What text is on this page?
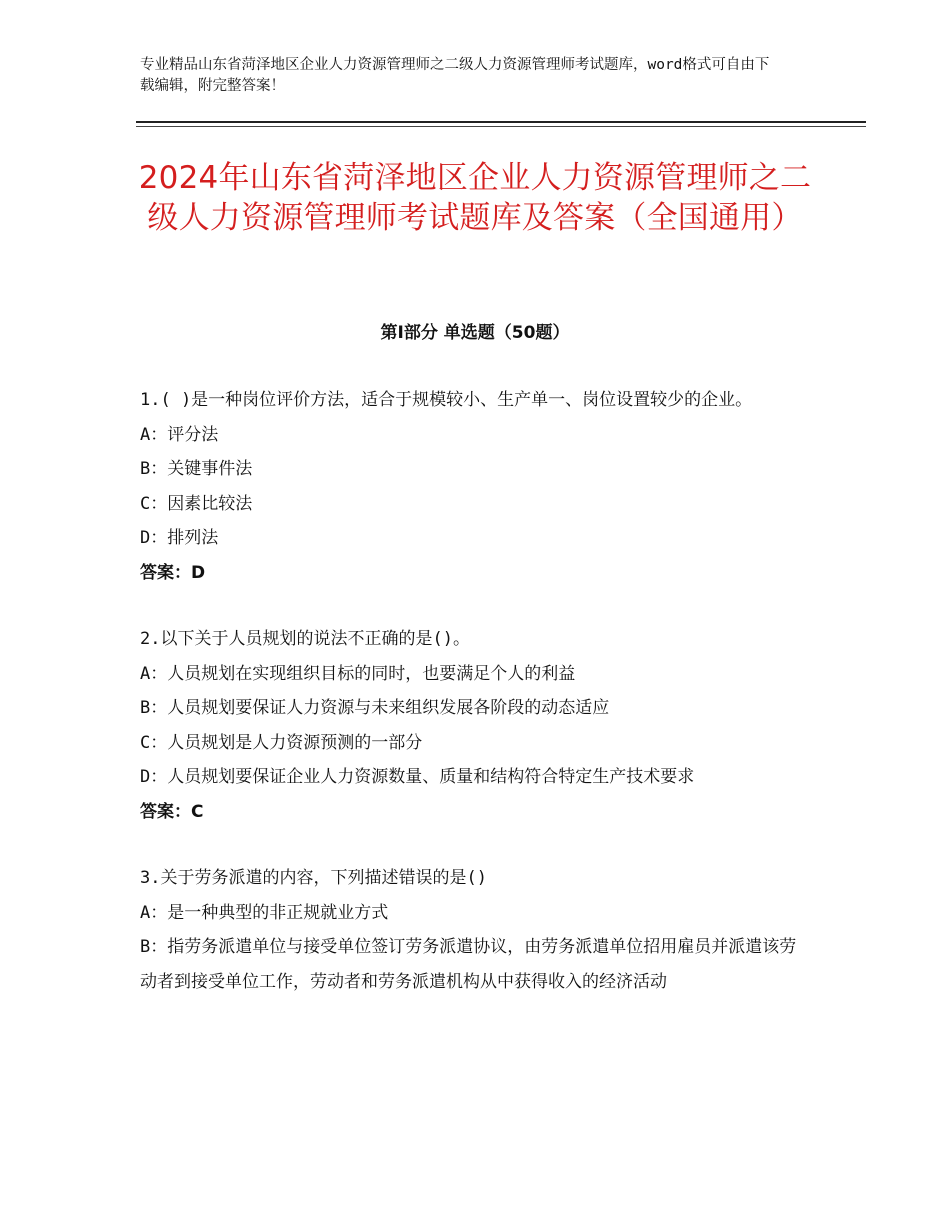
专业精品山东省菏泽地区企业人力资源管理师之二级人力资源管理师考试题库，word格式可自由下载编辑，附完整答案！
2024年山东省菏泽地区企业人力资源管理师之二级人力资源管理师考试题库及答案（全国通用）
第Ⅰ部分 单选题（50题）

1.( )是一种岗位评价方法，适合于规模较小、生产单一、岗位设置较少的企业。

A：评分法

B：关键事件法

C：因素比较法

D：排列法

答案：D

2.以下关于人员规划的说法不正确的是()。

A：人员规划在实现组织目标的同时，也要满足个人的利益

B：人员规划要保证人力资源与未来组织发展各阶段的动态适应

C：人员规划是人力资源预测的一部分

D：人员规划要保证企业人力资源数量、质量和结构符合特定生产技术要求

答案：C

3.关于劳务派遣的内容，下列描述错误的是()

A：是一种典型的非正规就业方式

B：指劳务派遣单位与接受单位签订劳务派遣协议，由劳务派遣单位招用雇员并派遣该劳动者到接受单位工作，劳动者和劳务派遣机构从中获得收入的经济活动
